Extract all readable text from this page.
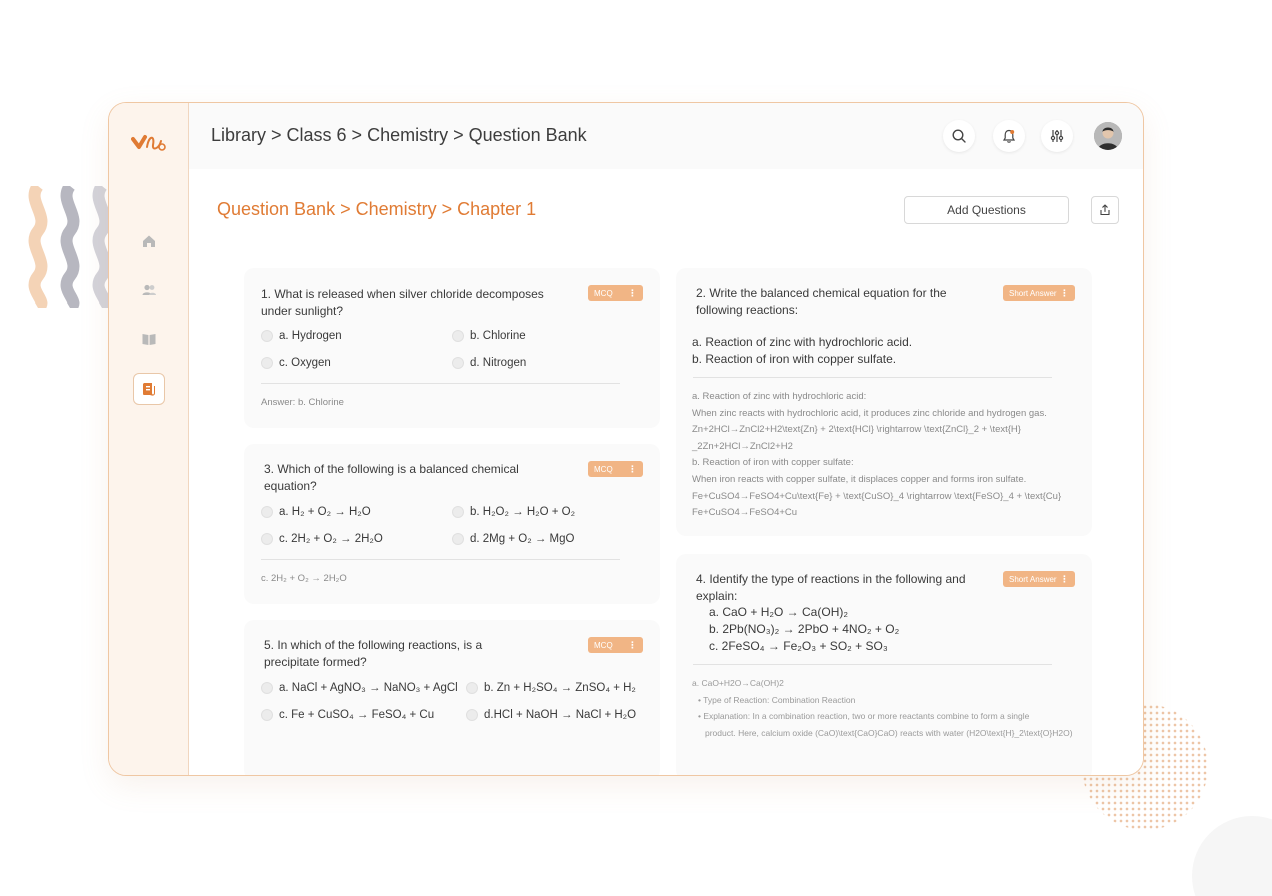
Library > Class 6 > Chemistry > Question Bank
Question Bank > Chemistry > Chapter 1	Add Questions
1. What is released when silver chloride decomposes under sunlight?
MCQ ⋮
a. Hydrogen	b. Chlorine
c. Oxygen	d. Nitrogen
Answer: b. Chlorine
3. Which of the following is a balanced chemical equation?
MCQ ⋮
a. H₂ + O₂ → H₂O	b. H₂O₂ → H₂O + O₂
c. 2H₂ + O₂ → 2H₂O	d. 2Mg + O₂ → MgO
c. 2H₂ + O₂ → 2H₂O
5. In which of the following reactions, is a precipitate formed?
MCQ ⋮
a. NaCl + AgNO₃ → NaNO₃ + AgCl b. Zn + H₂SO₄ → ZnSO₄ + H₂
c. Fe + CuSO₄ → FeSO₄ + Cu	d.HCl + NaOH → NaCl + H₂O
2. Write the balanced chemical equation for the following reactions:
Short Answer ⋮
a. Reaction of zinc with hydrochloric acid.
b. Reaction of iron with copper sulfate.
a. Reaction of zinc with hydrochloric acid:
When zinc reacts with hydrochloric acid, it produces zinc chloride and hydrogen gas.
Zn+2HCl→ZnCl2+H2\text{Zn} + 2\text{HCl} \rightarrow \text{ZnCl}_2 + \text{H}
_2Zn+2HCl→ZnCl2+H2
b. Reaction of iron with copper sulfate:
When iron reacts with copper sulfate, it displaces copper and forms iron sulfate.
Fe+CuSO4→FeSO4+Cu\text{Fe} + \text{CuSO}_4 \rightarrow \text{FeSO}_4 + \text{Cu}
Fe+CuSO4→FeSO4+Cu
4. Identify the type of reactions in the following and explain:
a. CaO + H₂O → Ca(OH)₂
b. 2Pb(NO₃)₂ → 2PbO + 4NO₂ + O₂
c. 2FeSO₄ → Fe₂O₃ + SO₂ + SO₃
Short Answer ⋮
a. CaO+H2O→Ca(OH)2
• Type of Reaction: Combination Reaction
• Explanation: In a combination reaction, two or more reactants combine to form a single
product. Here, calcium oxide (CaO)\text{CaO}CaO) reacts with water (H2O\text{H}_2\text{O}H2O)
